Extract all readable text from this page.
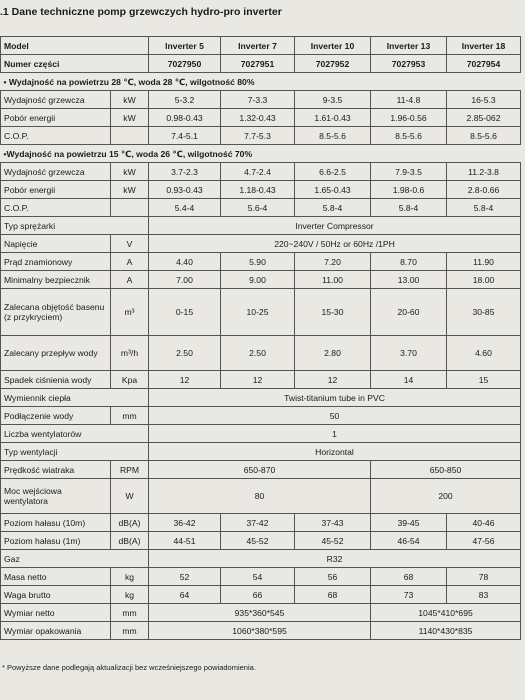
.1 Dane techniczne pomp grzewczych hydro-pro inverter
Model		Inverter 5	Inverter 7	Inverter 10	Inverter 13	Inverter 18
Numer części		7027950	7027951	7027952	7027953	7027954
• Wydajność na powietrzu 28 ℃, woda 28 ℃, wilgotność 80%						
Wydajność grzewcza	kW	5-3.2	7-3.3	9-3.5	11-4.8	16-5.3
Pobór energii	kW	0.98-0.43	1.32-0.43	1.61-0.43	1.96-0.56	2.85-062
C.O.P.		7.4-5.1	7.7-5.3	8.5-5.6	8.5-5.6	8.5-5.6
•Wydajność na powietrzu 15 ℃, woda 26 ℃, wilgotność 70%						
Wydajność grzewcza	kW	3.7-2.3	4.7-2.4	6.6-2.5	7.9-3.5	11.2-3.8
Pobór energii	kW	0.93-0.43	1.18-0.43	1.65-0.43	1.98-0.6	2.8-0.66
C.O.P.		5.4-4	5.6-4	5.8-4	5.8-4	5.8-4
Typ sprężarki		Inverter Compressor				
Napięcie	V	220~240V / 50Hz or 60Hz /1PH				
Prąd znamionowy	A	4.40	5.90	7.20	8.70	11.90
Minimalny bezpiecznik	A	7.00	9.00	11.00	13.00	18.00
Zalecana objętość basenu (z przykryciem)	m³	0-15	10-25	15-30	20-60	30-85
Zalecany przepływ wody	m³/h	2.50	2.50	2.80	3.70	4.60
Spadek ciśnienia wody	Kpa	12	12	12	14	15
Wymiennik ciepła		Twist-titanium tube in PVC				
Podłączenie wody	mm	50				
Liczba wentylatorów		1				
Typ wentylacji		Horizontal				
Prędkość wiatraka	RPM	650-870			650-850	
Moc wejściowa wentylatora	W	80			200	
Poziom hałasu (10m)	dB(A)	36-42	37-42	37-43	39-45	40-46
Poziom hałasu (1m)	dB(A)	44-51	45-52	45-52	46-54	47-56
Gaz		R32				
Masa netto	kg	52	54	56	68	78
Waga brutto	kg	64	66	68	73	83
Wymiar netto	mm	935*360*545			1045*410*695	
Wymiar opakowania	mm	1060*380*595			1140*430*835	
* Powyższe dane podlegają aktualizacji bez wcześniejszego powiadomienia.
